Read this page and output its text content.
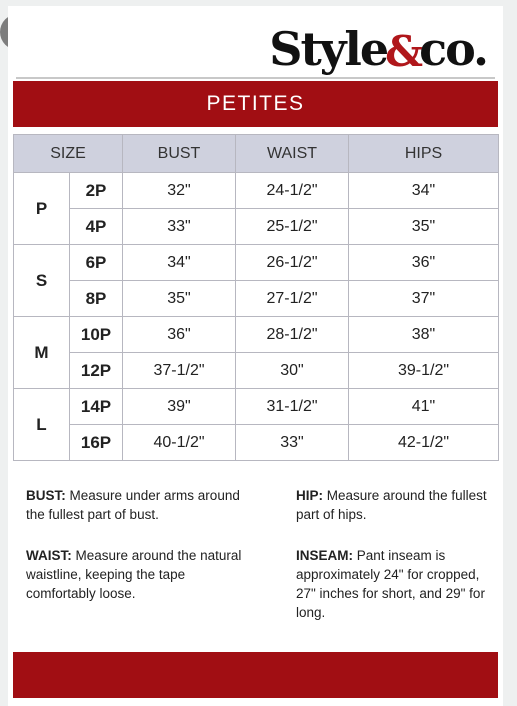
Style
&
co.
PETITES
SIZE		BUST	WAIST	HIPS
P	2P	32"	24-1/2"	34"
	4P	33"	25-1/2"	35"
S	6P	34"	26-1/2"	36"
	8P	35"	27-1/2"	37"
M	10P	36"	28-1/2"	38"
	12P	37-1/2"	30"	39-1/2"
L	14P	39"	31-1/2"	41"
	16P	40-1/2"	33"	42-1/2"
BUST: Measure under arms around the fullest part of bust.
HIP: Measure around the fullest part of hips.
WAIST: Measure around the natural waistline, keeping the tape comfortably loose.
INSEAM: Pant inseam is approximately 24" for cropped, 27" inches for short, and 29" for long.
